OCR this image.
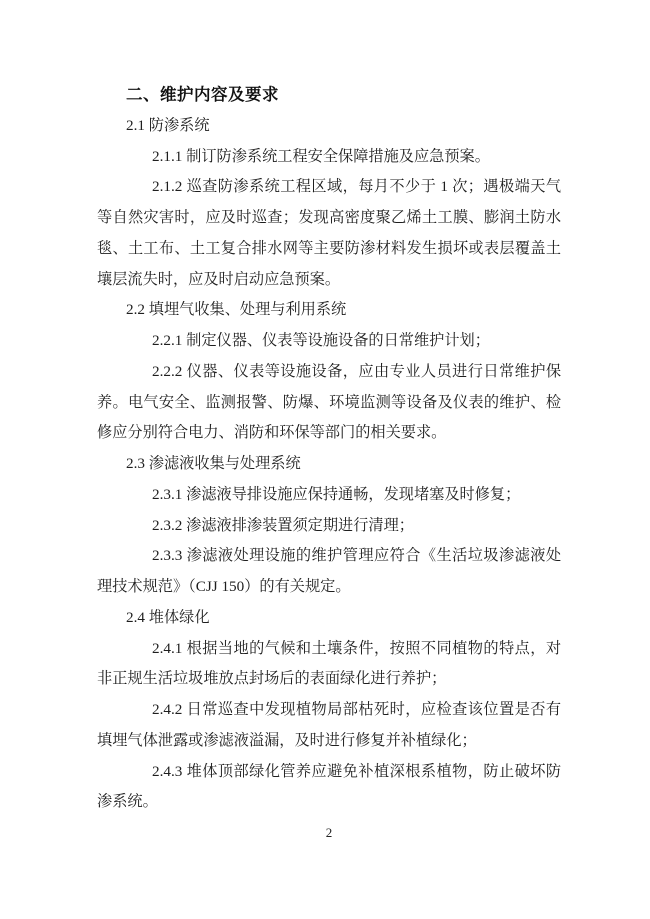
二、维护内容及要求

2.1 防渗系统

2.1.1 制订防渗系统工程安全保障措施及应急预案。

2.1.2 巡查防渗系统工程区域，每月不少于 1 次；遇极端天气等自然灾害时，应及时巡查；发现高密度聚乙烯土工膜、膨润土防水毯、土工布、土工复合排水网等主要防渗材料发生损坏或表层覆盖土壤层流失时，应及时启动应急预案。

2.2 填埋气收集、处理与利用系统

2.2.1 制定仪器、仪表等设施设备的日常维护计划；

2.2.2 仪器、仪表等设施设备，应由专业人员进行日常维护保养。电气安全、监测报警、防爆、环境监测等设备及仪表的维护、检修应分别符合电力、消防和环保等部门的相关要求。

2.3 渗滤液收集与处理系统

2.3.1 渗滤液导排设施应保持通畅，发现堵塞及时修复；

2.3.2 渗滤液排渗装置须定期进行清理；

2.3.3 渗滤液处理设施的维护管理应符合《生活垃圾渗滤液处理技术规范》（CJJ 150）的有关规定。

2.4 堆体绿化

2.4.1 根据当地的气候和土壤条件，按照不同植物的特点，对非正规生活垃圾堆放点封场后的表面绿化进行养护；

2.4.2 日常巡查中发现植物局部枯死时，应检查该位置是否有填埋气体泄露或渗滤液溢漏，及时进行修复并补植绿化；

2.4.3 堆体顶部绿化管养应避免补植深根系植物，防止破坏防渗系统。

2
